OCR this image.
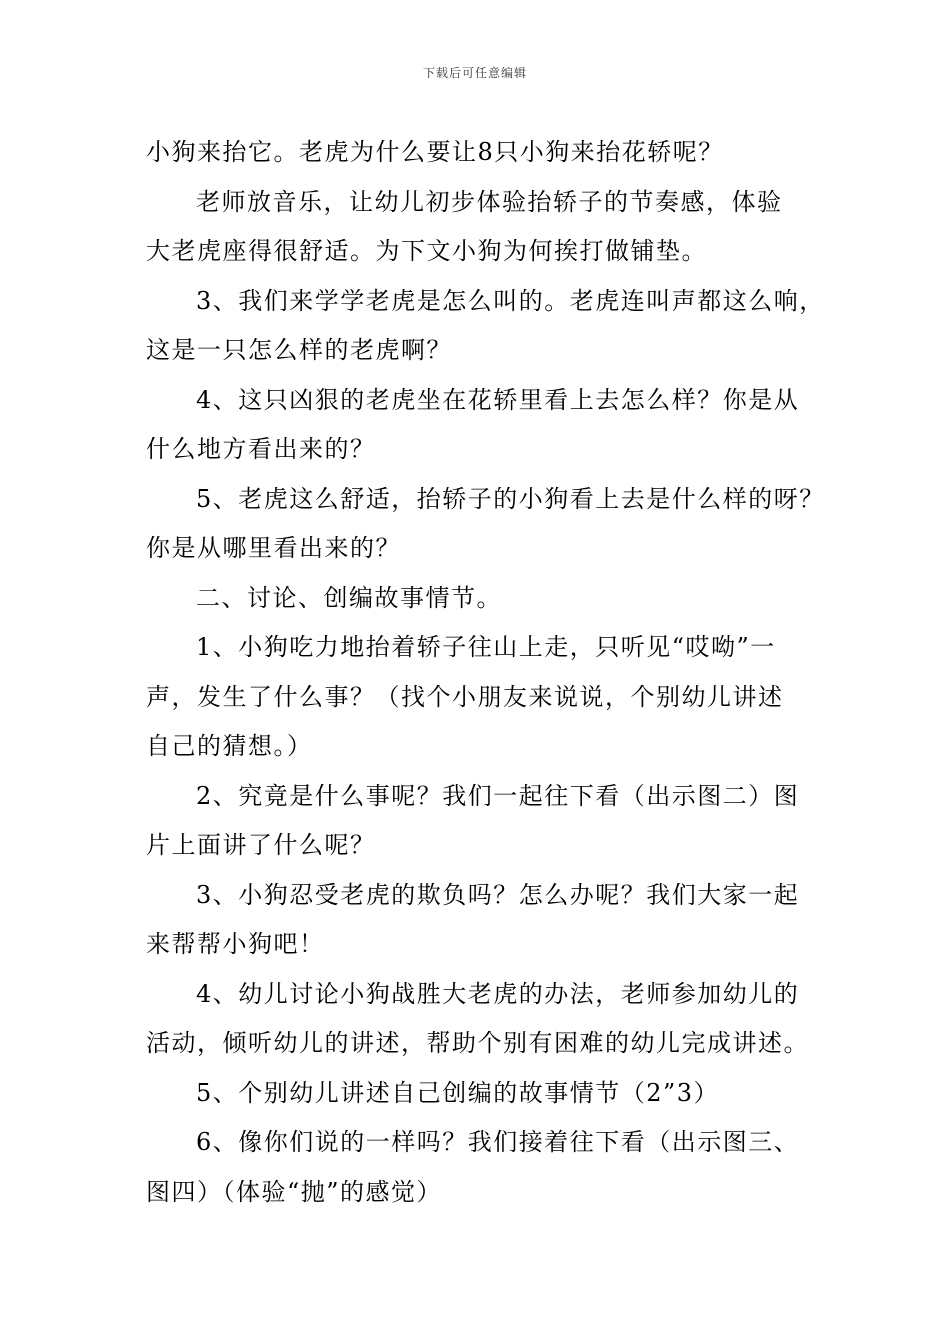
下载后可任意编辑
小狗来抬它。老虎为什么要让8只小狗来抬花轿呢？
老师放音乐，让幼儿初步体验抬轿子的节奏感，体验
大老虎座得很舒适。为下文小狗为何挨打做铺垫。
3、我们来学学老虎是怎么叫的。老虎连叫声都这么响，
这是一只怎么样的老虎啊？
4、这只凶狠的老虎坐在花轿里看上去怎么样？你是从
什么地方看出来的？
5、老虎这么舒适，抬轿子的小狗看上去是什么样的呀？
你是从哪里看出来的？
二、讨论、创编故事情节。
1、小狗吃力地抬着轿子往山上走，只听见“哎呦”一
声，发生了什么事？（找个小朋友来说说，个别幼儿讲述
自己的猜想。）
2、究竟是什么事呢？我们一起往下看（出示图二）图
片上面讲了什么呢？
3、小狗忍受老虎的欺负吗？怎么办呢？我们大家一起
来帮帮小狗吧！
4、幼儿讨论小狗战胜大老虎的办法，老师参加幼儿的
活动，倾听幼儿的讲述，帮助个别有困难的幼儿完成讲述。
5、个别幼儿讲述自己创编的故事情节（2”3）
6、像你们说的一样吗？我们接着往下看（出示图三、
图四）（体验“抛”的感觉）
